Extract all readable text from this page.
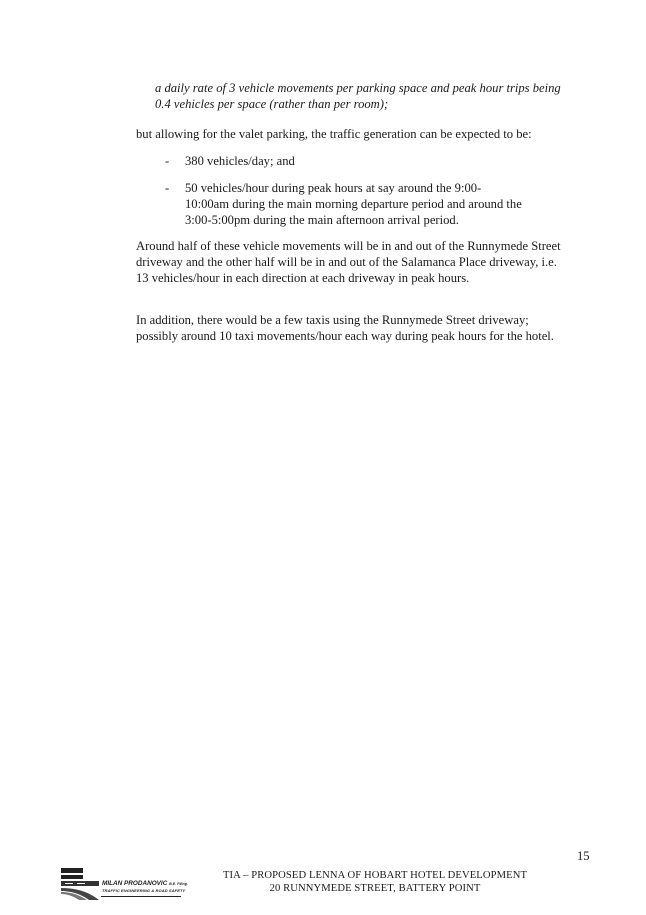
a daily rate of 3 vehicle movements per parking space and peak hour trips being 0.4 vehicles per space (rather than per room);
but allowing for the valet parking, the traffic generation can be expected to be:
- 380 vehicles/day; and
- 50 vehicles/hour during peak hours at say around the 9:00-10:00am during the main morning departure period and around the 3:00-5:00pm during the main afternoon arrival period.
Around half of these vehicle movements will be in and out of the Runnymede Street driveway and the other half will be in and out of the Salamanca Place driveway, i.e. 13 vehicles/hour in each direction at each driveway in peak hours.
In addition, there would be a few taxis using the Runnymede Street driveway; possibly around 10 taxi movements/hour each way during peak hours for the hotel.
15
MILAN PRODANOVIC B.E. P.Eng.
TRAFFIC ENGINEERING & ROAD SAFETY
TIA – PROPOSED LENNA OF HOBART HOTEL DEVELOPMENT
20 RUNNYMEDE STREET, BATTERY POINT
